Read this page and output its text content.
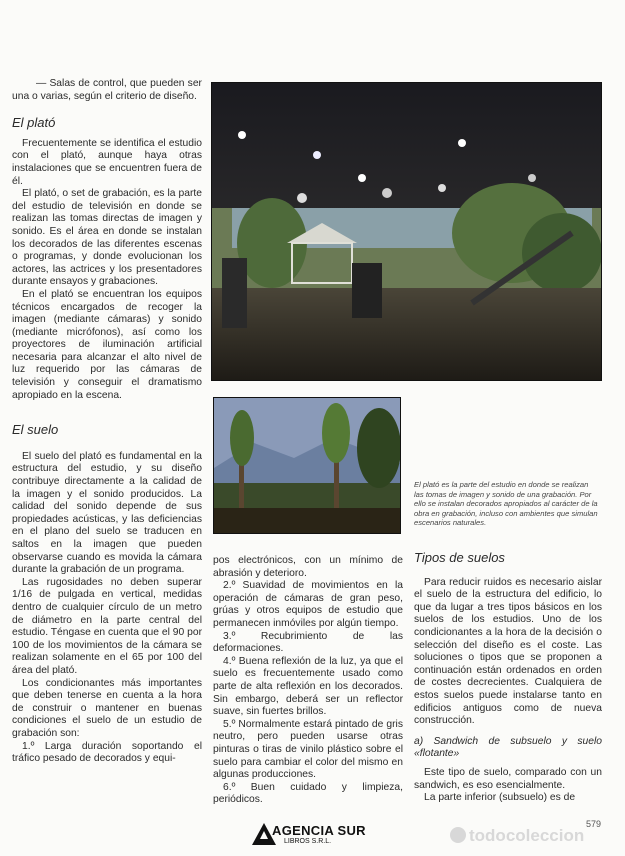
— Salas de control, que pueden ser una o varias, según el criterio de diseño.

El plató

Frecuentemente se identifica el estudio con el plató, aunque haya otras instalaciones que se encuentren fuera de él.

El plató, o set de grabación, es la parte del estudio de televisión en donde se realizan las tomas directas de imagen y sonido. Es el área en donde se instalan los decorados de las diferentes escenas o programas, y donde evolucionan los actores, las actrices y los presentadores durante ensayos y grabaciones.

En el plató se encuentran los equipos técnicos encargados de recoger la imagen (mediante cámaras) y sonido (mediante micrófonos), así como los proyectores de iluminación artificial necesaria para alcanzar el alto nivel de luz requerido por las cámaras de televisión y conseguir el dramatismo apropiado en la escena.

El suelo

El suelo del plató es fundamental en la estructura del estudio, y su diseño contribuye directamente a la calidad de la imagen y el sonido producidos. La calidad del sonido depende de sus propiedades acústicas, y las deficiencias en el plano del suelo se traducen en saltos en la imagen que pueden observarse cuando es movida la cámara durante la grabación de un programa.

Las rugosidades no deben superar 1/16 de pulgada en vertical, medidas dentro de cualquier círculo de un metro de diámetro en la parte central del estudio. Téngase en cuenta que el 90 por 100 de los movimientos de la cámara se realizan solamente en el 65 por 100 del área del plató.

Los condicionantes más importantes que deben tenerse en cuenta a la hora de construir o mantener en buenas condiciones el suelo de un estudio de grabación son:

1.º Larga duración soportando el tráfico pesado de decorados y equi-

El plató es la parte del estudio en donde se realizan las tomas de imagen y sonido de una grabación. Por ello se instalan decorados apropiados al carácter de la obra en grabación, incluso con ambientes que simulan escenarios naturales.

pos electrónicos, con un mínimo de abrasión y deterioro.

2.º Suavidad de movimientos en la operación de cámaras de gran peso, grúas y otros equipos de estudio que permanecen inmóviles por algún tiempo.

3.º Recubrimiento de las deformaciones.

4.º Buena reflexión de la luz, ya que el suelo es frecuentemente usado como parte de alta reflexión en los decorados. Sin embargo, deberá ser un reflector suave, sin fuertes brillos.

5.º Normalmente estará pintado de gris neutro, pero pueden usarse otras pinturas o tiras de vinilo plástico sobre el suelo para cambiar el color del mismo en algunas producciones.

6.º Buen cuidado y limpieza, periódicos.

Tipos de suelos

Para reducir ruidos es necesario aislar el suelo de la estructura del edificio, lo que da lugar a tres tipos básicos en los suelos de los estudios. Uno de los condicionantes a la hora de la decisión o selección del diseño es el coste. Las soluciones o tipos que se proponen a continuación están ordenados en orden de costes decrecientes. Cualquiera de estos suelos puede instalarse tanto en edificios antiguos como de nueva construcción.

a) Sandwich de subsuelo y suelo «flotante»

Este tipo de suelo, comparado con un sandwich, es eso esencialmente.

La parte inferior (subsuelo) es de

AGENCIA SUR
LIBROS S.R.L.	todocoleccion
579
